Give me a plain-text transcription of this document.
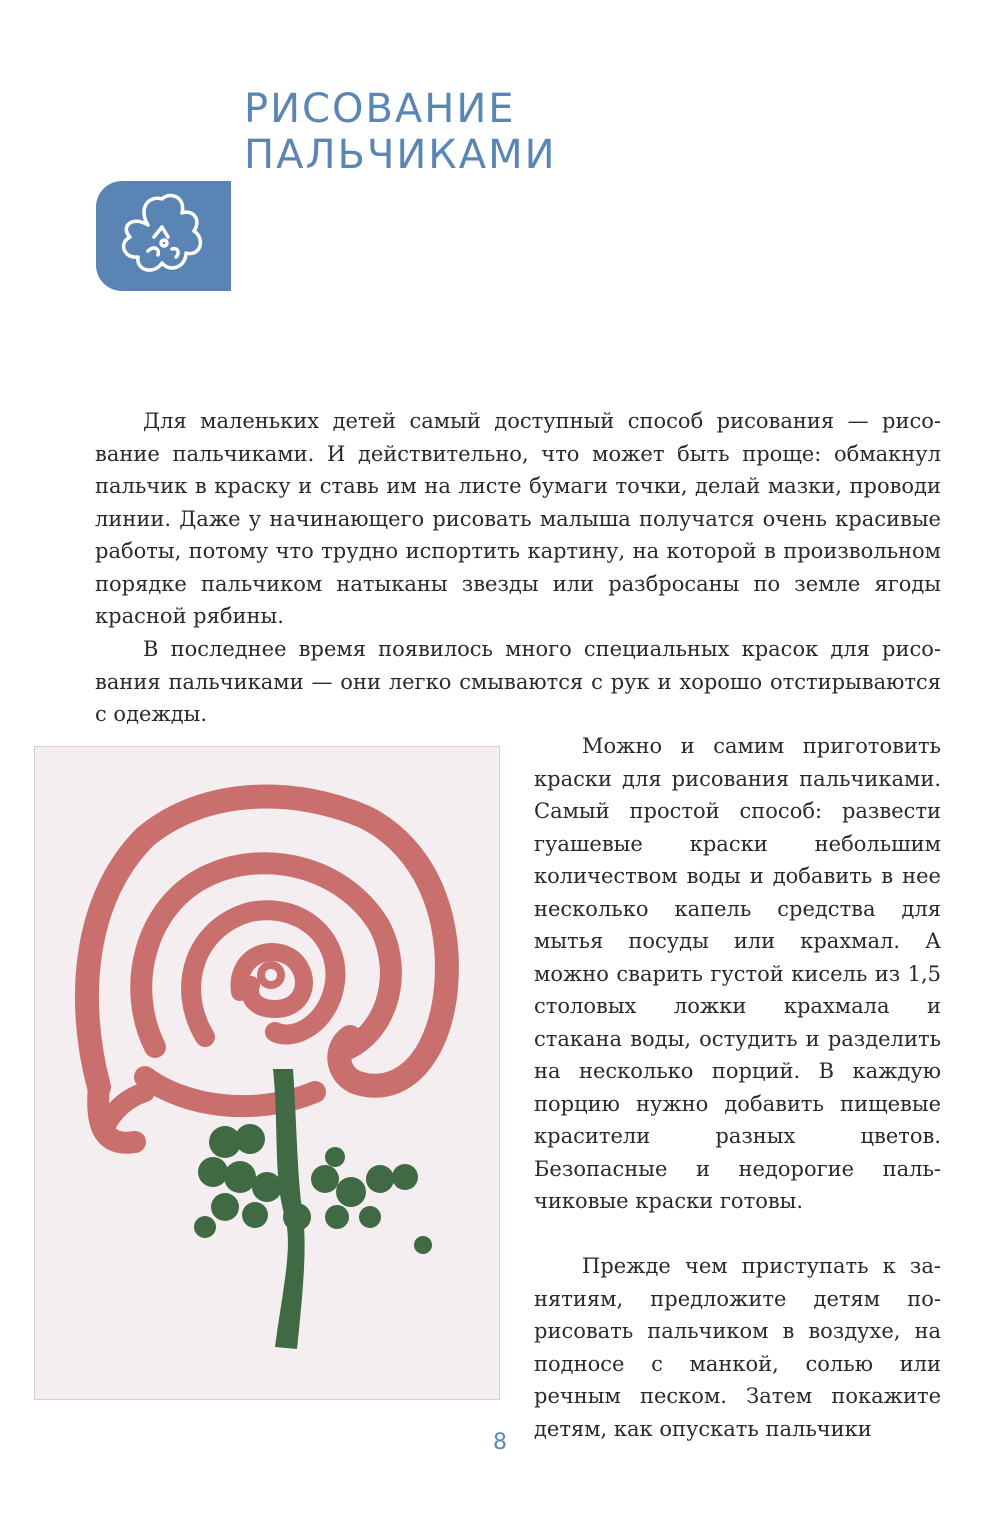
РИСОВАНИЕ
ПАЛЬЧИКАМИ

Для маленьких детей самый доступный способ рисования — рисование пальчиками. И действительно, что может быть проще: обмакнул пальчик в краску и ставь им на листе бумаги точки, делай мазки, проводи линии. Даже у начинающего рисовать малыша получатся очень красивые работы, потому что трудно испортить картину, на которой в произвольном порядке пальчиком натыканы звезды или разбросаны по земле ягоды красной рябины.

В последнее время появилось много специальных красок для рисования пальчиками — они легко смываются с рук и хорошо отстирываются с одежды.

Можно и самим приготовить краски для рисования пальчиками. Самый простой способ: развести гуашевые краски небольшим количеством воды и добавить в нее несколько капель средства для мытья посуды или крахмал. А можно сварить густой кисель из 1,5 столовых ложки крахмала и стакана воды, остудить и разделить на несколько порций. В каждую порцию нужно добавить пищевые красители разных цветов. Безопасные и недорогие пальчиковые краски готовы.

Прежде чем приступать к занятиям, предложите детям порисовать пальчиком в воздухе, на подносе с манкой, солью или речным песком. Затем покажите детям, как опускать пальчики

8
